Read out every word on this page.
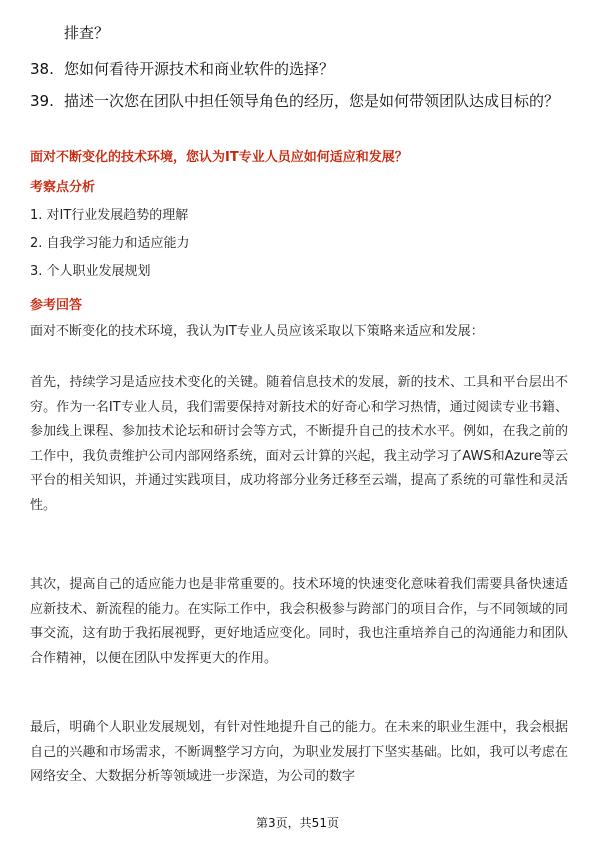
排查？
38. 您如何看待开源技术和商业软件的选择？
39. 描述一次您在团队中担任领导角色的经历，您是如何带领团队达成目标的？
面对不断变化的技术环境，您认为IT专业人员应如何适应和发展？
考察点分析
1. 对IT行业发展趋势的理解
2. 自我学习能力和适应能力
3. 个人职业发展规划
参考回答
面对不断变化的技术环境，我认为IT专业人员应该采取以下策略来适应和发展：
首先，持续学习是适应技术变化的关键。随着信息技术的发展，新的技术、工具和平台层出不穷。作为一名IT专业人员，我们需要保持对新技术的好奇心和学习热情，通过阅读专业书籍、参加线上课程、参加技术论坛和研讨会等方式，不断提升自己的技术水平。例如，在我之前的工作中，我负责维护公司内部网络系统，面对云计算的兴起，我主动学习了AWS和Azure等云平台的相关知识，并通过实践项目，成功将部分业务迁移至云端，提高了系统的可靠性和灵活性。
其次，提高自己的适应能力也是非常重要的。技术环境的快速变化意味着我们需要具备快速适应新技术、新流程的能力。在实际工作中，我会积极参与跨部门的项目合作，与不同领域的同事交流，这有助于我拓展视野，更好地适应变化。同时，我也注重培养自己的沟通能力和团队合作精神，以便在团队中发挥更大的作用。
最后，明确个人职业发展规划，有针对性地提升自己的能力。在未来的职业生涯中，我会根据自己的兴趣和市场需求，不断调整学习方向，为职业发展打下坚实基础。比如，我可以考虑在网络安全、大数据分析等领域进一步深造，为公司的数字
第3页，共51页
